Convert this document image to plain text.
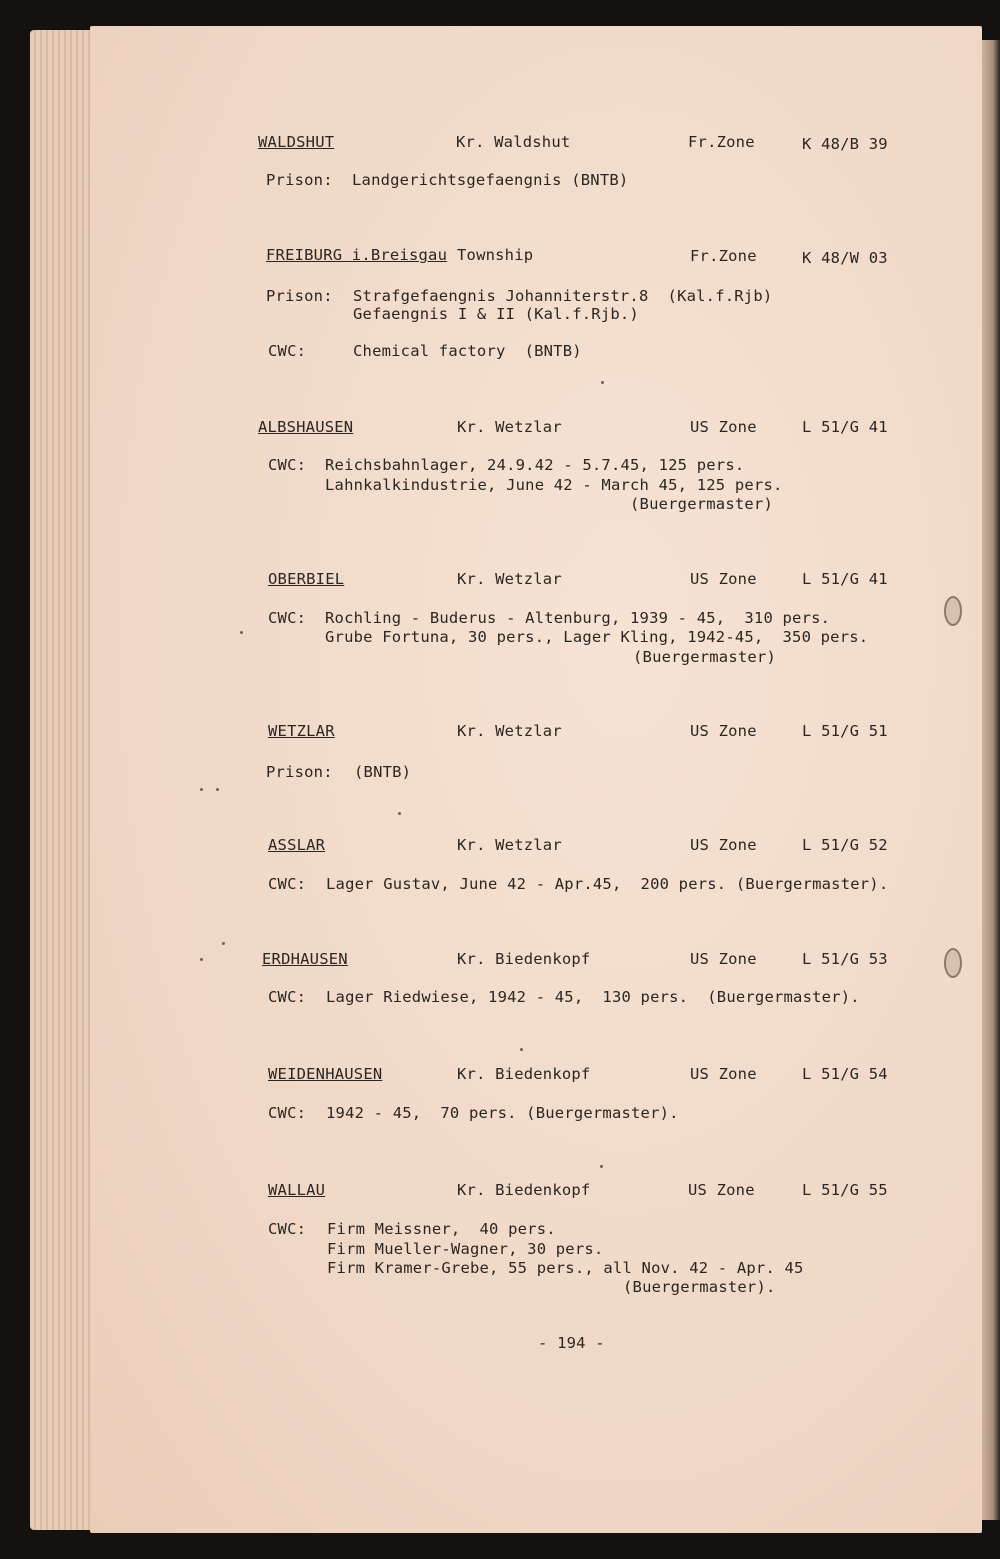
WALDSHUT	Kr. Waldshut	Fr.Zone	K 48/B 39

Prison: Landgerichtsgefaengnis (BNTB)

FREIBURG i.Breisgau Township	Fr.Zone	K 48/W 03

Prison: Strafgefaengnis Johanniterstr.8  (Kal.f.Rjb)

Gefaengnis I & II (Kal.f.Rjb.)

CWC:	Chemical factory  (BNTB)

ALBSHAUSEN	Kr. Wetzlar	US Zone	L 51/G 41

CWC: Reichsbahnlager, 24.9.42 - 5.7.45, 125 pers.

Lahnkalkindustrie, June 42 - March 45, 125 pers.

(Buergermaster)

OBERBIEL	Kr. Wetzlar	US Zone	L 51/G 41

CWC: Rochling - Buderus - Altenburg, 1939 - 45,  310 pers.

Grube Fortuna, 30 pers., Lager Kling, 1942-45,  350 pers.

(Buergermaster)

WETZLAR	Kr. Wetzlar	US Zone	L 51/G 51

Prison: (BNTB)

ASSLAR	Kr. Wetzlar	US Zone	L 51/G 52

CWC: Lager Gustav, June 42 - Apr.45,  200 pers. (Buergermaster).

ERDHAUSEN	Kr. Biedenkopf	US Zone	L 51/G 53

CWC: Lager Riedwiese, 1942 - 45,  130 pers.  (Buergermaster).

WEIDENHAUSEN	Kr. Biedenkopf	US Zone	L 51/G 54

CWC: 1942 - 45,  70 pers. (Buergermaster).

WALLAU	Kr. Biedenkopf	US Zone	L 51/G 55

CWC: Firm Meissner,  40 pers.

Firm Mueller-Wagner, 30 pers.

Firm Kramer-Grebe, 55 pers., all Nov. 42 - Apr. 45

(Buergermaster).

- 194 -
